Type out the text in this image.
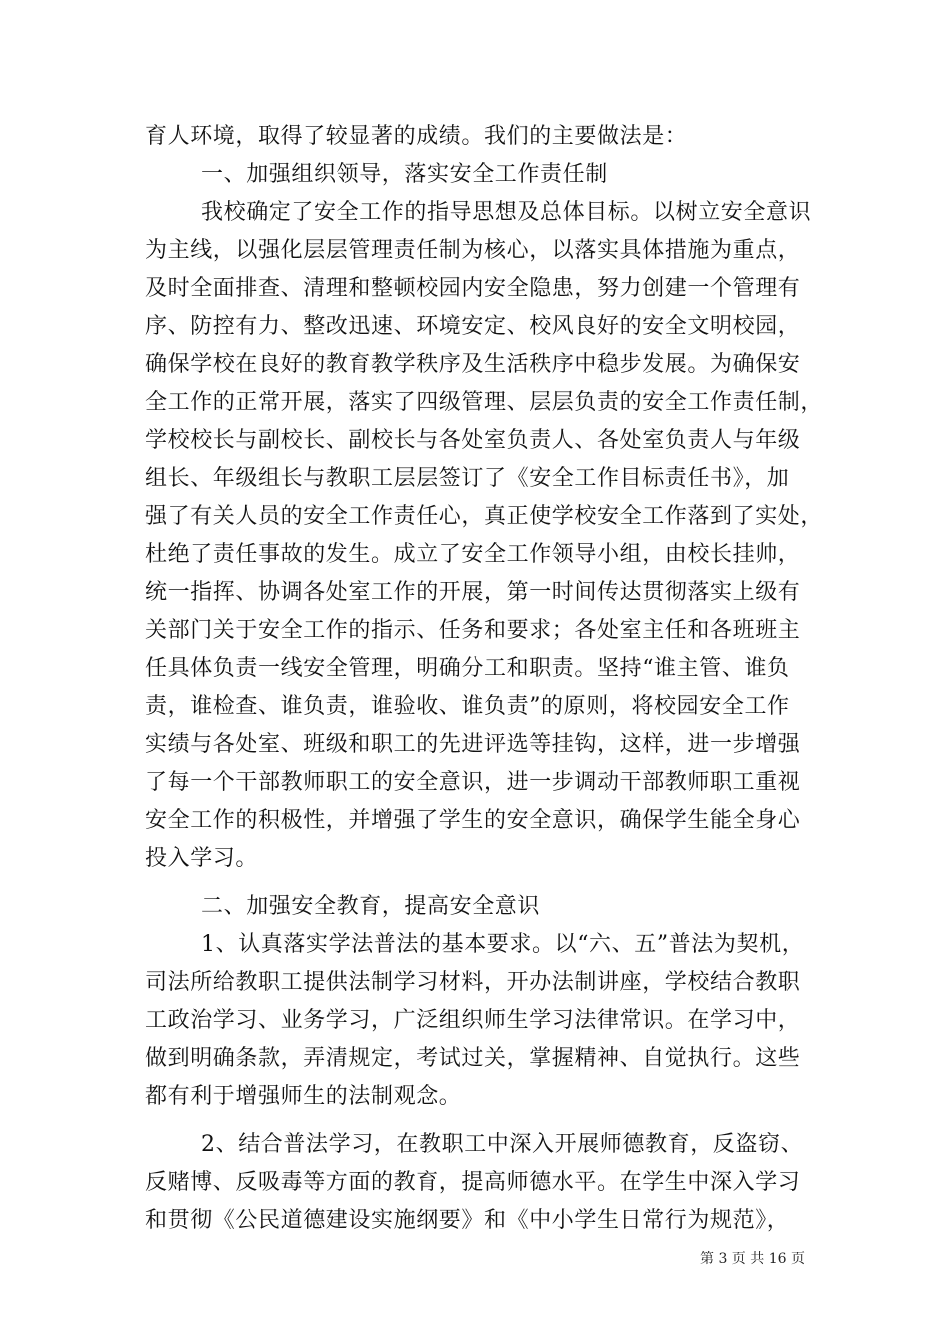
育人环境，取得了较显著的成绩。我们的主要做法是：
一、加强组织领导，落实安全工作责任制
我校确定了安全工作的指导思想及总体目标。以树立安全意识
为主线，以强化层层管理责任制为核心，以落实具体措施为重点，
及时全面排查、清理和整顿校园内安全隐患，努力创建一个管理有
序、防控有力、整改迅速、环境安定、校风良好的安全文明校园，
确保学校在良好的教育教学秩序及生活秩序中稳步发展。为确保安
全工作的正常开展，落实了四级管理、层层负责的安全工作责任制，
学校校长与副校长、副校长与各处室负责人、各处室负责人与年级
组长、年级组长与教职工层层签订了《安全工作目标责任书》，加
强了有关人员的安全工作责任心，真正使学校安全工作落到了实处，
杜绝了责任事故的发生。成立了安全工作领导小组，由校长挂帅，
统一指挥、协调各处室工作的开展，第一时间传达贯彻落实上级有
关部门关于安全工作的指示、任务和要求；各处室主任和各班班主
任具体负责一线安全管理，明确分工和职责。坚持“谁主管、谁负
责，谁检查、谁负责，谁验收、谁负责”的原则，将校园安全工作
实绩与各处室、班级和职工的先进评选等挂钩，这样，进一步增强
了每一个干部教师职工的安全意识，进一步调动干部教师职工重视
安全工作的积极性，并增强了学生的安全意识，确保学生能全身心
投入学习。
二、加强安全教育，提高安全意识
1、认真落实学法普法的基本要求。以“六、五”普法为契机，
司法所给教职工提供法制学习材料，开办法制讲座，学校结合教职
工政治学习、业务学习，广泛组织师生学习法律常识。在学习中，
做到明确条款，弄清规定，考试过关，掌握精神、自觉执行。这些
都有利于增强师生的法制观念。
2、结合普法学习，在教职工中深入开展师德教育，反盗窃、
反赌博、反吸毒等方面的教育，提高师德水平。在学生中深入学习
和贯彻《公民道德建设实施纲要》和《中小学生日常行为规范》，
第 3 页 共 16 页
